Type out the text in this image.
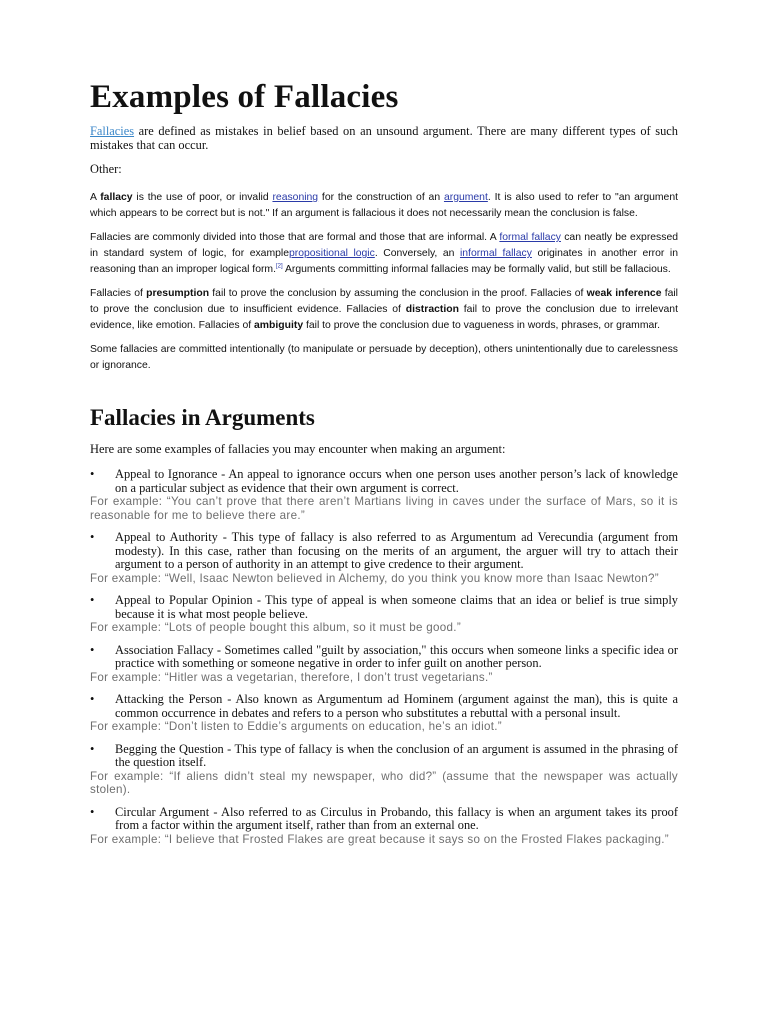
Examples of Fallacies

Fallacies are defined as mistakes in belief based on an unsound argument. There are many different types of such mistakes that can occur.

Other:

A fallacy is the use of poor, or invalid reasoning for the construction of an argument. It is also used to refer to "an argument which appears to be correct but is not." If an argument is fallacious it does not necessarily mean the conclusion is false.

Fallacies are commonly divided into those that are formal and those that are informal. A formal fallacy can neatly be expressed in standard system of logic, for examplepropositional logic. Conversely, an informal fallacy originates in another error in reasoning than an improper logical form.[2] Arguments committing informal fallacies may be formally valid, but still be fallacious.

Fallacies of presumption fail to prove the conclusion by assuming the conclusion in the proof. Fallacies of weak inference fail to prove the conclusion due to insufficient evidence. Fallacies of distraction fail to prove the conclusion due to irrelevant evidence, like emotion. Fallacies of ambiguity fail to prove the conclusion due to vagueness in words, phrases, or grammar.

Some fallacies are committed intentionally (to manipulate or persuade by deception), others unintentionally due to carelessness or ignorance.

Fallacies in Arguments

Here are some examples of fallacies you may encounter when making an argument:

• Appeal to Ignorance - An appeal to ignorance occurs when one person uses another person’s lack of knowledge on a particular subject as evidence that their own argument is correct.
For example: “You can’t prove that there aren’t Martians living in caves under the surface of Mars, so it is reasonable for me to believe there are.”
• Appeal to Authority - This type of fallacy is also referred to as Argumentum ad Verecundia (argument from modesty). In this case, rather than focusing on the merits of an argument, the arguer will try to attach their argument to a person of authority in an attempt to give credence to their argument.
For example: “Well, Isaac Newton believed in Alchemy, do you think you know more than Isaac Newton?”
• Appeal to Popular Opinion - This type of appeal is when someone claims that an idea or belief is true simply because it is what most people believe.
For example: “Lots of people bought this album, so it must be good.”
• Association Fallacy - Sometimes called "guilt by association," this occurs when someone links a specific idea or practice with something or someone negative in order to infer guilt on another person.
For example: “Hitler was a vegetarian, therefore, I don’t trust vegetarians.”
• Attacking the Person - Also known as Argumentum ad Hominem (argument against the man), this is quite a common occurrence in debates and refers to a person who substitutes a rebuttal with a personal insult.
For example: “Don’t listen to Eddie’s arguments on education, he’s an idiot.”
• Begging the Question - This type of fallacy is when the conclusion of an argument is assumed in the phrasing of the question itself.
For example: “If aliens didn’t steal my newspaper, who did?” (assume that the newspaper was actually stolen).
• Circular Argument - Also referred to as Circulus in Probando, this fallacy is when an argument takes its proof from a factor within the argument itself, rather than from an external one.
For example: “I believe that Frosted Flakes are great because it says so on the Frosted Flakes packaging.”
